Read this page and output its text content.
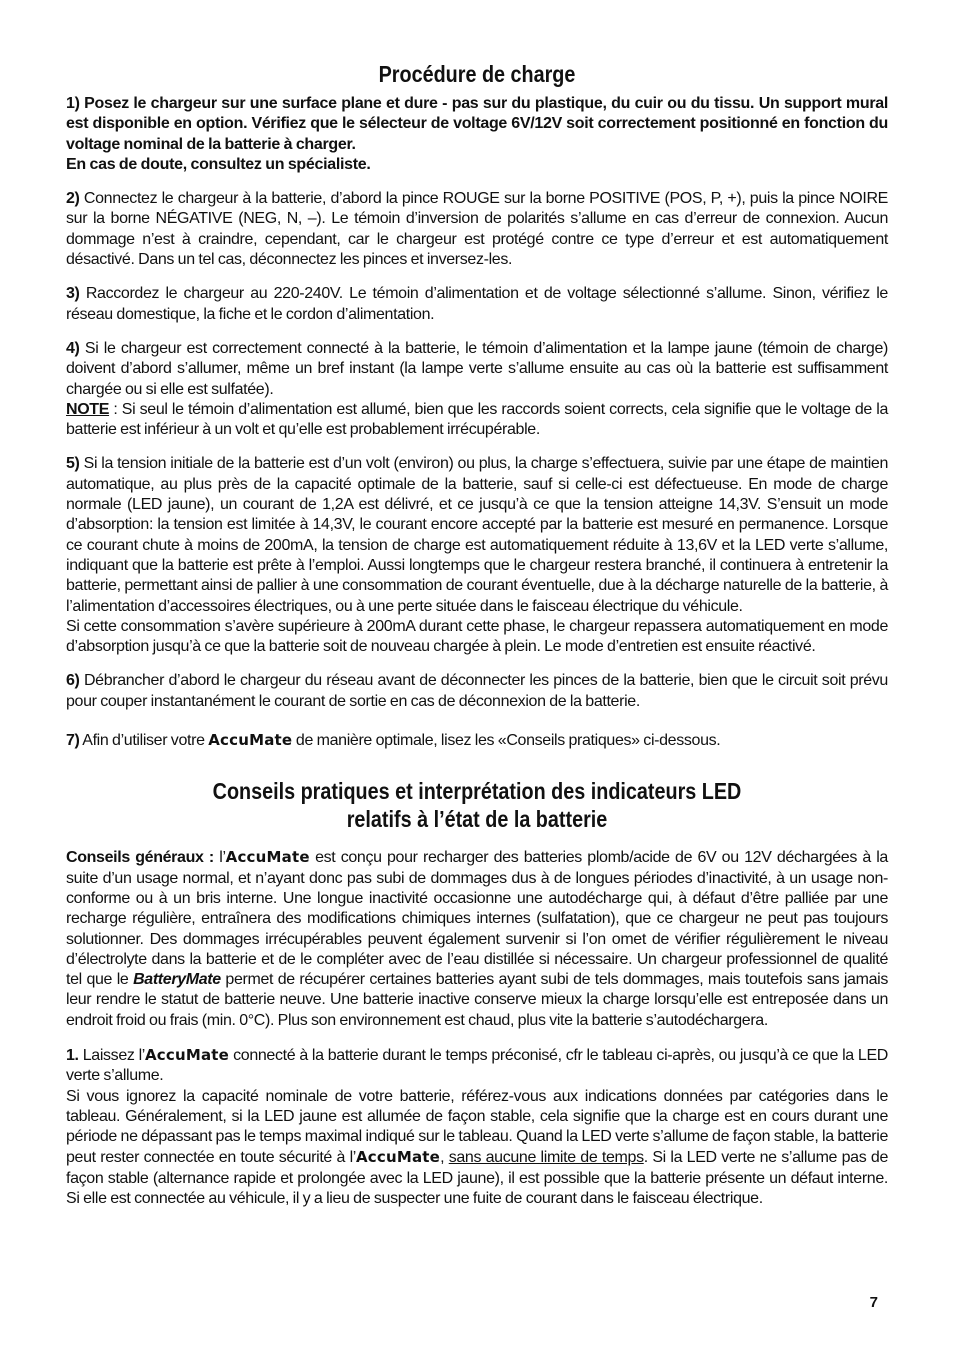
Procédure de charge
1) Posez le chargeur sur une surface plane et dure - pas sur du plastique, du cuir ou du tissu. Un support mural est disponible en option. Vérifiez que le sélecteur de voltage 6V/12V soit correctement positionné en fonction du voltage nominal de la batterie à charger.
En cas de doute, consultez un spécialiste.
2) Connectez le chargeur à la batterie, d’abord la pince ROUGE sur la borne POSITIVE (POS, P, +), puis la pince NOIRE sur la borne NÉGATIVE (NEG, N, –). Le témoin d’inversion de polarités s’allume en cas d’erreur de connexion. Aucun dommage n’est à craindre, cependant, car le chargeur est protégé contre ce type d’erreur et est automatiquement désactivé. Dans un tel cas, déconnectez les pinces et inversez-les.
3) Raccordez le chargeur au 220-240V. Le témoin d’alimentation et de voltage sélectionné s’allume. Sinon, vérifiez le réseau domestique, la fiche et le cordon d’alimentation.
4) Si le chargeur est correctement connecté à la batterie, le témoin d’alimentation et la lampe jaune (témoin de charge) doivent d’abord s’allumer, même un bref instant (la lampe verte s’allume ensuite au cas où la batterie est suffisamment chargée ou si elle est sulfatée).
NOTE : Si seul le témoin d’alimentation est allumé, bien que les raccords soient corrects, cela signifie que le voltage de la batterie est inférieur à un volt et qu’elle est probablement irrécupérable.
5) Si la tension initiale de la batterie est d’un volt (environ) ou plus, la charge s’effectuera, suivie par une étape de maintien automatique, au plus près de la capacité optimale de la batterie, sauf si celle-ci est défectueuse. En mode de charge normale (LED jaune), un courant de 1,2A est délivré, et ce jusqu’à ce que la tension atteigne 14,3V. S’ensuit un mode d’absorption: la tension est limitée à 14,3V, le courant encore accepté par la batterie est mesuré en permanence. Lorsque ce courant chute à moins de 200mA, la tension de charge est automatiquement réduite à 13,6V et la LED verte s’allume, indiquant que la batterie est prête à l’emploi. Aussi longtemps que le chargeur restera branché, il continuera à entretenir la batterie, permettant ainsi de pallier à une consommation de courant éventuelle, due à la décharge naturelle de la batterie, à l’alimentation d’accessoires électriques, ou à une perte située dans le faisceau électrique du véhicule.
Si cette consommation s’avère supérieure à 200mA durant cette phase, le chargeur repassera automatiquement en mode d’absorption jusqu’à ce que la batterie soit de nouveau chargée à plein. Le mode d’entretien est ensuite réactivé.
6) Débrancher d’abord le chargeur du réseau avant de déconnecter les pinces de la batterie, bien que le circuit soit prévu pour couper instantanément le courant de sortie en cas de déconnexion de la batterie.
7) Afin d’utiliser votre AccuMate de manière optimale, lisez les «Conseils pratiques» ci-dessous.
Conseils pratiques et interprétation des indicateurs LED
relatifs à l’état de la batterie
Conseils généraux : l’AccuMate est conçu pour recharger des batteries plomb/acide de 6V ou 12V déchargées à la suite d’un usage normal, et n’ayant donc pas subi de dommages dus à de longues périodes d’inactivité, à un usage non-conforme ou à un bris interne. Une longue inactivité occasionne une autodécharge qui, à défaut d’être palliée par une recharge régulière, entraînera des modifications chimiques internes (sulfatation), que ce chargeur ne peut pas toujours solutionner. Des dommages irrécupérables peuvent également survenir si l’on omet de vérifier régulièrement le niveau d’électrolyte dans la batterie et de le compléter avec de l’eau distillée si nécessaire. Un chargeur professionnel de qualité tel que le BatteryMate permet de récupérer certaines batteries ayant subi de tels dommages, mais toutefois sans jamais leur rendre le statut de batterie neuve. Une batterie inactive conserve mieux la charge lorsqu’elle est entreposée dans un endroit froid ou frais (min. 0°C). Plus son environnement est chaud, plus vite la batterie s’autodéchargera.
1. Laissez l’AccuMate connecté à la batterie durant le temps préconisé, cfr le tableau ci-après, ou jusqu’à ce que la LED verte s’allume.
Si vous ignorez la capacité nominale de votre batterie, référez-vous aux indications données par catégories dans le tableau. Généralement, si la LED jaune est allumée de façon stable, cela signifie que la charge est en cours durant une période ne dépassant pas le temps maximal indiqué sur le tableau. Quand la LED verte s’allume de façon stable, la batterie peut rester connectée en toute sécurité à l’AccuMate, sans aucune limite de temps. Si la LED verte ne s’allume pas de façon stable (alternance rapide et prolongée avec la LED jaune), il est possible que la batterie présente un défaut interne. Si elle est connectée au véhicule, il y a lieu de suspecter une fuite de courant dans le faisceau électrique.
7
